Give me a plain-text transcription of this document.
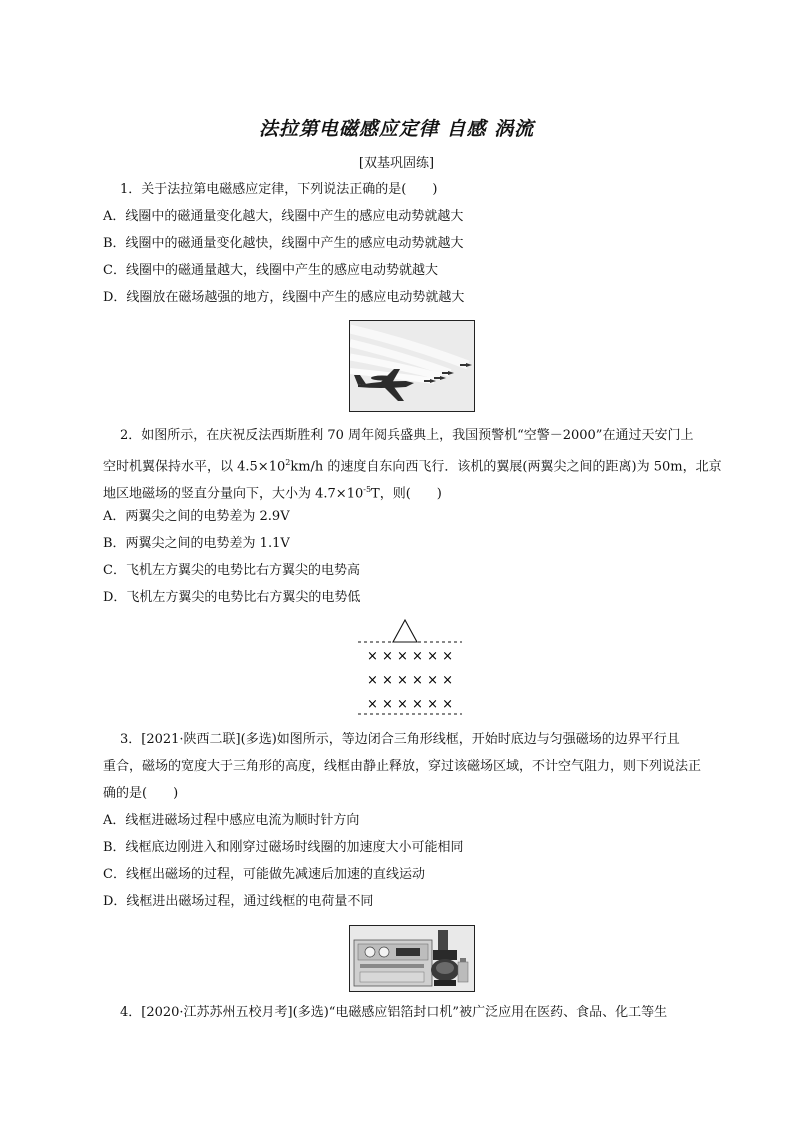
法拉第电磁感应定律 自感 涡流
[双基巩固练]
1．关于法拉第电磁感应定律，下列说法正确的是(　　)
A．线圈中的磁通量变化越大，线圈中产生的感应电动势就越大
B．线圈中的磁通量变化越快，线圈中产生的感应电动势就越大
C．线圈中的磁通量越大，线圈中产生的感应电动势就越大
D．线圈放在磁场越强的地方，线圈中产生的感应电动势就越大
2．如图所示，在庆祝反法西斯胜利 70 周年阅兵盛典上，我国预警机“空警－2000”在通过天安门上
空时机翼保持水平，以 $4.5\times 10^2km/h$ 的速度自东向西飞行．该机的翼展(两翼尖之间的距离)为 50m，北京
地区地磁场的竖直分量向下，大小为 $4.7\times 10^{-5}T$，则(　　)
A．两翼尖之间的电势差为 2.9V
B．两翼尖之间的电势差为 1.1V
C．飞机左方翼尖的电势比右方翼尖的电势高
D．飞机左方翼尖的电势比右方翼尖的电势低
× × × × × ×
× × × × × ×
× × × × × ×
3．[2021·陕西二联](多选)如图所示，等边闭合三角形线框，开始时底边与匀强磁场的边界平行且
重合，磁场的宽度大于三角形的高度，线框由静止释放，穿过该磁场区域，不计空气阻力，则下列说法正
确的是(　　)
A．线框进磁场过程中感应电流为顺时针方向
B．线框底边刚进入和刚穿过磁场时线圈的加速度大小可能相同
C．线框出磁场的过程，可能做先减速后加速的直线运动
D．线框进出磁场过程，通过线框的电荷量不同
4．[2020·江苏苏州五校月考](多选)“电磁感应铝箔封口机”被广泛应用在医药、食品、化工等生
